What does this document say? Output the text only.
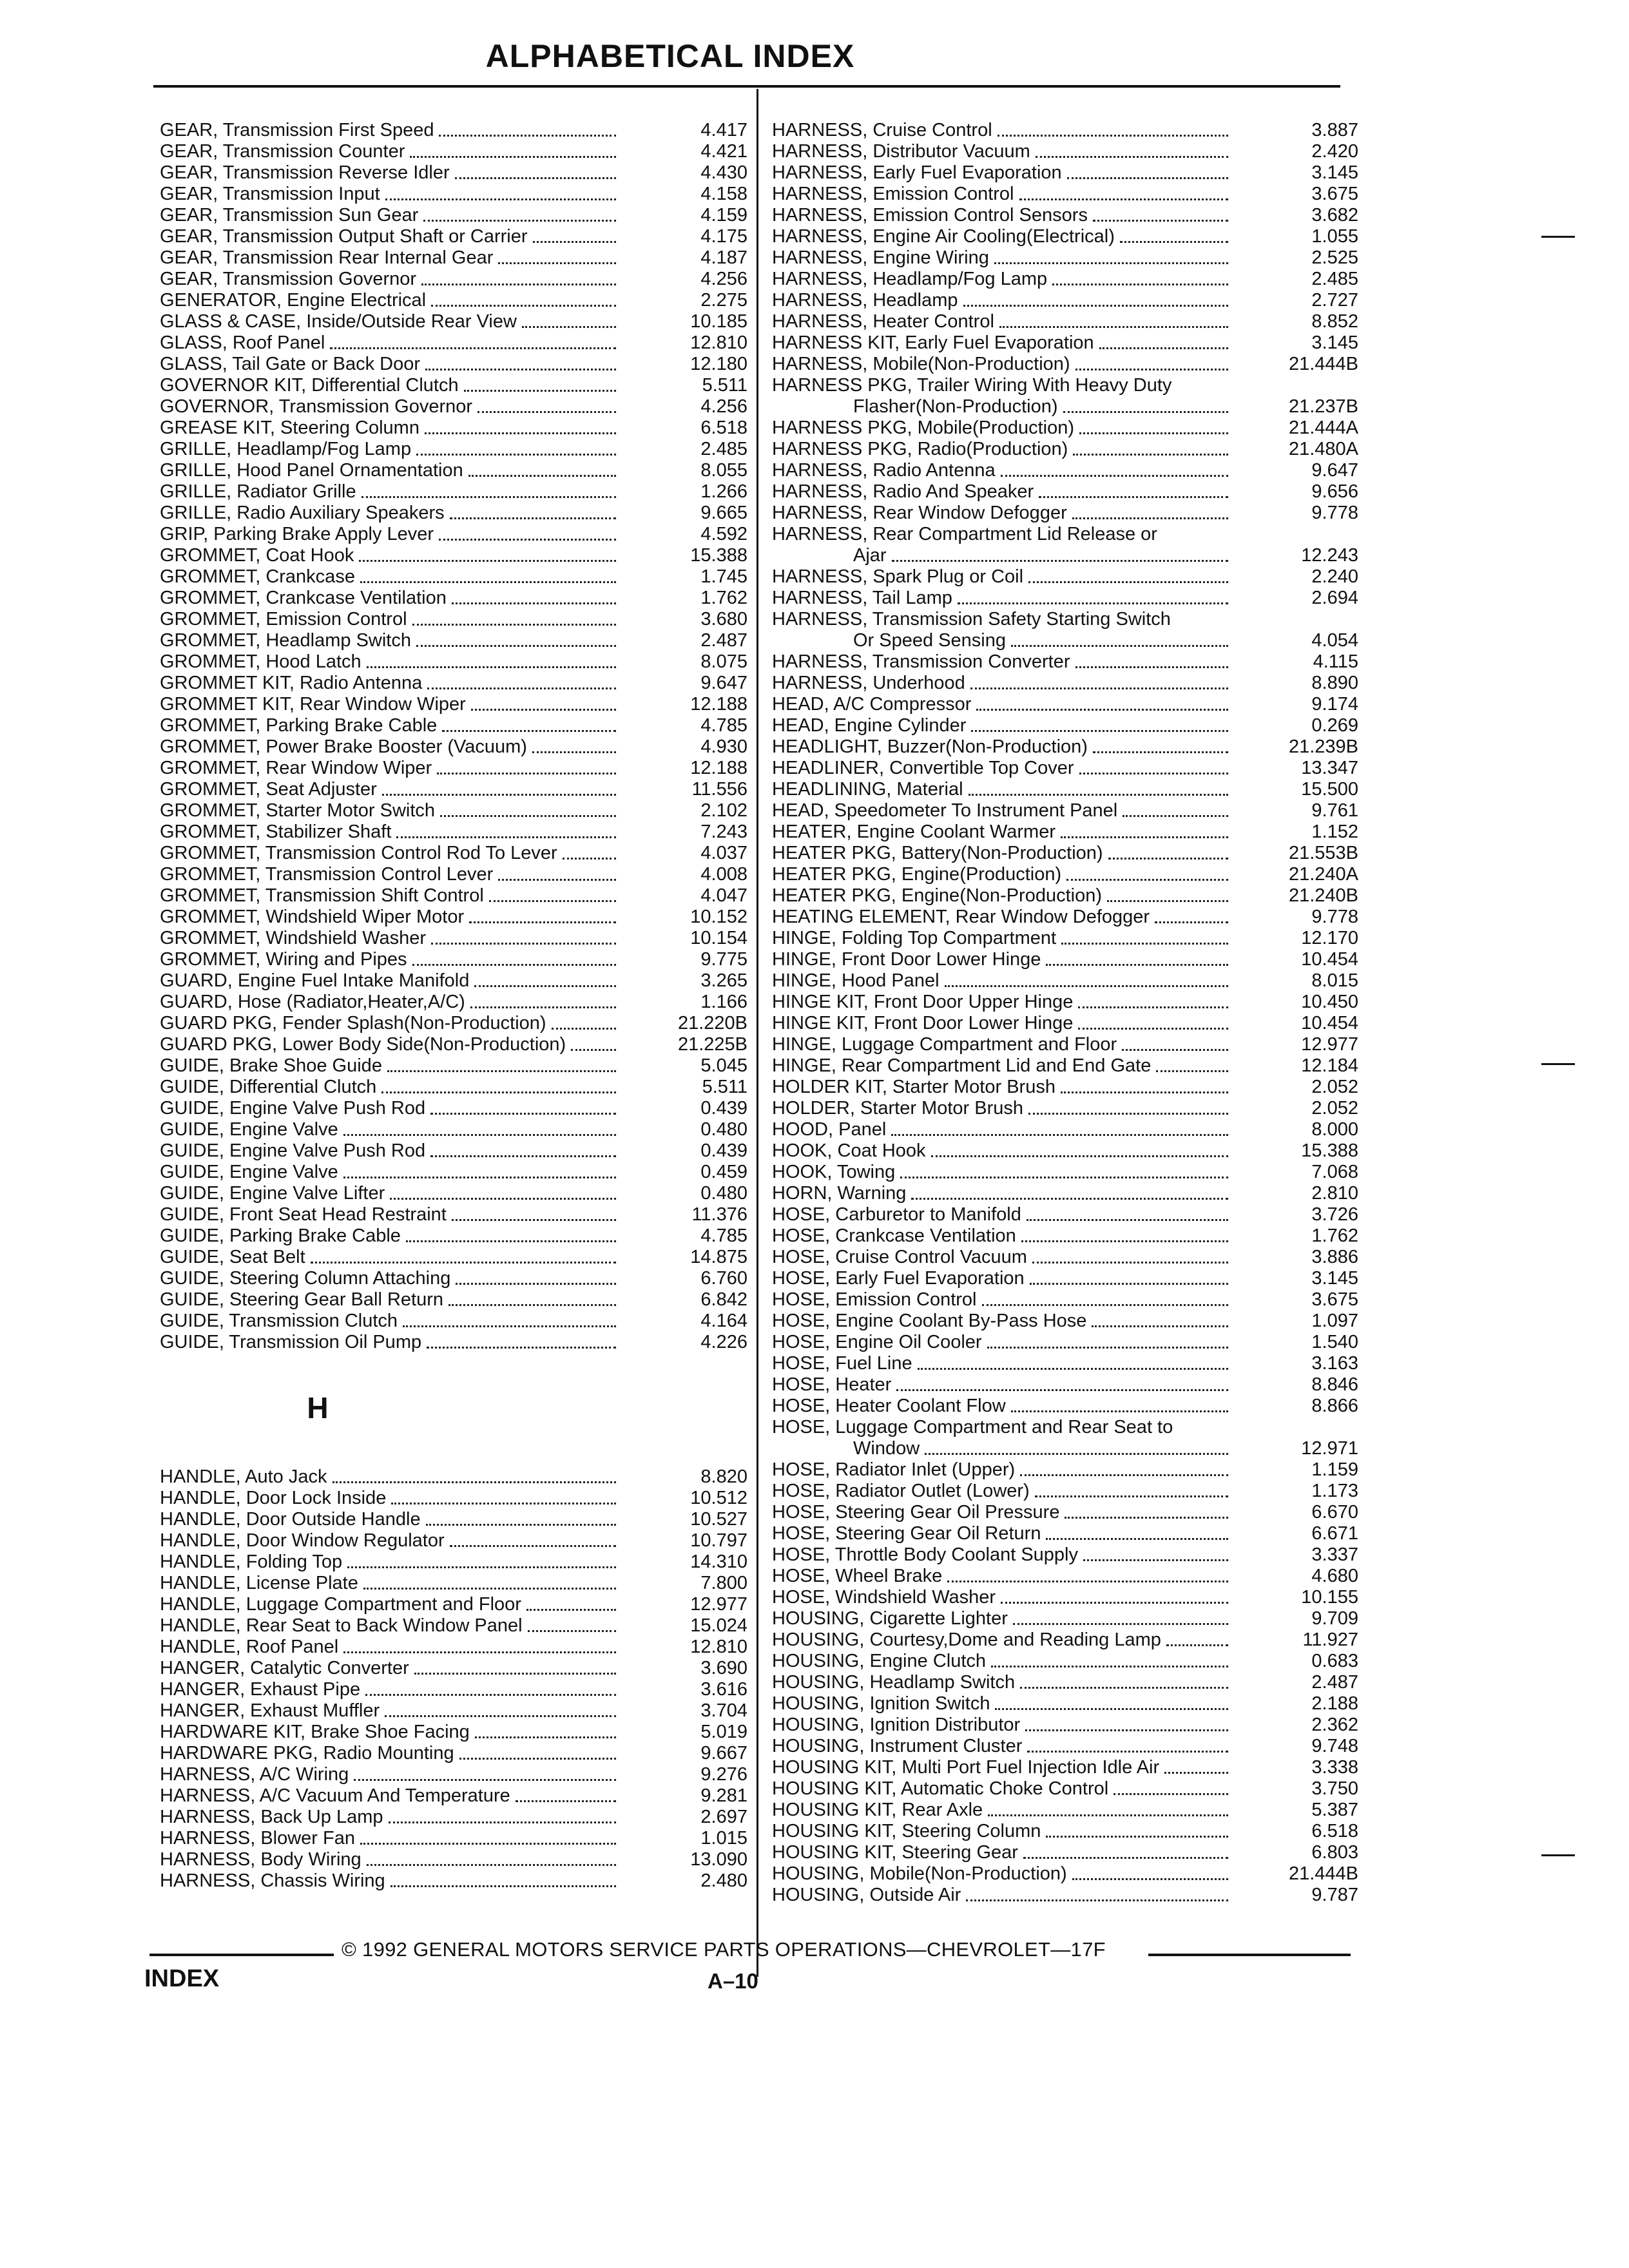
ALPHABETICAL INDEX
GEAR, Transmission First Speed	4.417
GEAR, Transmission Counter	4.421
GEAR, Transmission Reverse Idler	4.430
GEAR, Transmission Input	4.158
GEAR, Transmission Sun Gear	4.159
GEAR, Transmission Output Shaft or Carrier	4.175
GEAR, Transmission Rear Internal Gear	4.187
GEAR, Transmission Governor	4.256
GENERATOR, Engine Electrical	2.275
GLASS & CASE, Inside/Outside Rear View	10.185
GLASS, Roof Panel	12.810
GLASS, Tail Gate or Back Door	12.180
GOVERNOR KIT, Differential Clutch	5.511
GOVERNOR, Transmission Governor	4.256
GREASE KIT, Steering Column	6.518
GRILLE, Headlamp/Fog Lamp	2.485
GRILLE, Hood Panel Ornamentation	8.055
GRILLE, Radiator Grille	1.266
GRILLE, Radio Auxiliary Speakers	9.665
GRIP, Parking Brake Apply Lever	4.592
GROMMET, Coat Hook	15.388
GROMMET, Crankcase	1.745
GROMMET, Crankcase Ventilation	1.762
GROMMET, Emission Control	3.680
GROMMET, Headlamp Switch	2.487
GROMMET, Hood Latch	8.075
GROMMET KIT, Radio Antenna	9.647
GROMMET KIT, Rear Window Wiper	12.188
GROMMET, Parking Brake Cable	4.785
GROMMET, Power Brake Booster (Vacuum)	4.930
GROMMET, Rear Window Wiper	12.188
GROMMET, Seat Adjuster	11.556
GROMMET, Starter Motor Switch	2.102
GROMMET, Stabilizer Shaft	7.243
GROMMET, Transmission Control Rod To Lever	4.037
GROMMET, Transmission Control Lever	4.008
GROMMET, Transmission Shift Control	4.047
GROMMET, Windshield Wiper Motor	10.152
GROMMET, Windshield Washer	10.154
GROMMET, Wiring and Pipes	9.775
GUARD, Engine Fuel Intake Manifold	3.265
GUARD, Hose (Radiator,Heater,A/C)	1.166
GUARD PKG, Fender Splash(Non-Production)	21.220B
GUARD PKG, Lower Body Side(Non-Production)	21.225B
GUIDE, Brake Shoe Guide	5.045
GUIDE, Differential Clutch	5.511
GUIDE, Engine Valve Push Rod	0.439
GUIDE, Engine Valve	0.480
GUIDE, Engine Valve Push Rod	0.439
GUIDE, Engine Valve	0.459
GUIDE, Engine Valve Lifter	0.480
GUIDE, Front Seat Head Restraint	11.376
GUIDE, Parking Brake Cable	4.785
GUIDE, Seat Belt	14.875
GUIDE, Steering Column Attaching	6.760
GUIDE, Steering Gear Ball Return	6.842
GUIDE, Transmission Clutch	4.164
GUIDE, Transmission Oil Pump	4.226
H
HANDLE, Auto Jack	8.820
HANDLE, Door Lock Inside	10.512
HANDLE, Door Outside Handle	10.527
HANDLE, Door Window Regulator	10.797
HANDLE, Folding Top	14.310
HANDLE, License Plate	7.800
HANDLE, Luggage Compartment and Floor	12.977
HANDLE, Rear Seat to Back Window Panel	15.024
HANDLE, Roof Panel	12.810
HANGER, Catalytic Converter	3.690
HANGER, Exhaust Pipe	3.616
HANGER, Exhaust Muffler	3.704
HARDWARE KIT, Brake Shoe Facing	5.019
HARDWARE PKG, Radio Mounting	9.667
HARNESS, A/C Wiring	9.276
HARNESS, A/C Vacuum And Temperature	9.281
HARNESS, Back Up Lamp	2.697
HARNESS, Blower Fan	1.015
HARNESS, Body Wiring	13.090
HARNESS, Chassis Wiring	2.480
HARNESS, Cruise Control	3.887
HARNESS, Distributor Vacuum	2.420
HARNESS, Early Fuel Evaporation	3.145
HARNESS, Emission Control	3.675
HARNESS, Emission Control Sensors	3.682
HARNESS, Engine Air Cooling(Electrical)	1.055
HARNESS, Engine Wiring	2.525
HARNESS, Headlamp/Fog Lamp	2.485
HARNESS, Headlamp	2.727
HARNESS, Heater Control	8.852
HARNESS KIT, Early Fuel Evaporation	3.145
HARNESS, Mobile(Non-Production)	21.444B
HARNESS PKG, Trailer Wiring With Heavy Duty
Flasher(Non-Production)	21.237B
HARNESS PKG, Mobile(Production)	21.444A
HARNESS PKG, Radio(Production)	21.480A
HARNESS, Radio Antenna	9.647
HARNESS, Radio And Speaker	9.656
HARNESS, Rear Window Defogger	9.778
HARNESS, Rear Compartment Lid Release or
Ajar	12.243
HARNESS, Spark Plug or Coil	2.240
HARNESS, Tail Lamp	2.694
HARNESS, Transmission Safety Starting Switch
Or Speed Sensing	4.054
HARNESS, Transmission Converter	4.115
HARNESS, Underhood	8.890
HEAD, A/C Compressor	9.174
HEAD, Engine Cylinder	0.269
HEADLIGHT, Buzzer(Non-Production)	21.239B
HEADLINER, Convertible Top Cover	13.347
HEADLINING, Material	15.500
HEAD, Speedometer To Instrument Panel	9.761
HEATER, Engine Coolant Warmer	1.152
HEATER PKG, Battery(Non-Production)	21.553B
HEATER PKG, Engine(Production)	21.240A
HEATER PKG, Engine(Non-Production)	21.240B
HEATING ELEMENT, Rear Window Defogger	9.778
HINGE, Folding Top Compartment	12.170
HINGE, Front Door Lower Hinge	10.454
HINGE, Hood Panel	8.015
HINGE KIT, Front Door Upper Hinge	10.450
HINGE KIT, Front Door Lower Hinge	10.454
HINGE, Luggage Compartment and Floor	12.977
HINGE, Rear Compartment Lid and End Gate	12.184
HOLDER KIT, Starter Motor Brush	2.052
HOLDER, Starter Motor Brush	2.052
HOOD, Panel	8.000
HOOK, Coat Hook	15.388
HOOK, Towing	7.068
HORN, Warning	2.810
HOSE, Carburetor to Manifold	3.726
HOSE, Crankcase Ventilation	1.762
HOSE, Cruise Control Vacuum	3.886
HOSE, Early Fuel Evaporation	3.145
HOSE, Emission Control	3.675
HOSE, Engine Coolant By-Pass Hose	1.097
HOSE, Engine Oil Cooler	1.540
HOSE, Fuel Line	3.163
HOSE, Heater	8.846
HOSE, Heater Coolant Flow	8.866
HOSE, Luggage Compartment and Rear Seat to
Window	12.971
HOSE, Radiator Inlet (Upper)	1.159
HOSE, Radiator Outlet (Lower)	1.173
HOSE, Steering Gear Oil Pressure	6.670
HOSE, Steering Gear Oil Return	6.671
HOSE, Throttle Body Coolant Supply	3.337
HOSE, Wheel Brake	4.680
HOSE, Windshield Washer	10.155
HOUSING, Cigarette Lighter	9.709
HOUSING, Courtesy,Dome and Reading Lamp	11.927
HOUSING, Engine Clutch	0.683
HOUSING, Headlamp Switch	2.487
HOUSING, Ignition Switch	2.188
HOUSING, Ignition Distributor	2.362
HOUSING, Instrument Cluster	9.748
HOUSING KIT, Multi Port Fuel Injection Idle Air	3.338
HOUSING KIT, Automatic Choke Control	3.750
HOUSING KIT, Rear Axle	5.387
HOUSING KIT, Steering Column	6.518
HOUSING KIT, Steering Gear	6.803
HOUSING, Mobile(Non-Production)	21.444B
HOUSING, Outside Air	9.787
© 1992 GENERAL MOTORS SERVICE PARTS OPERATIONS—CHEVROLET—17F
INDEX	A–10
